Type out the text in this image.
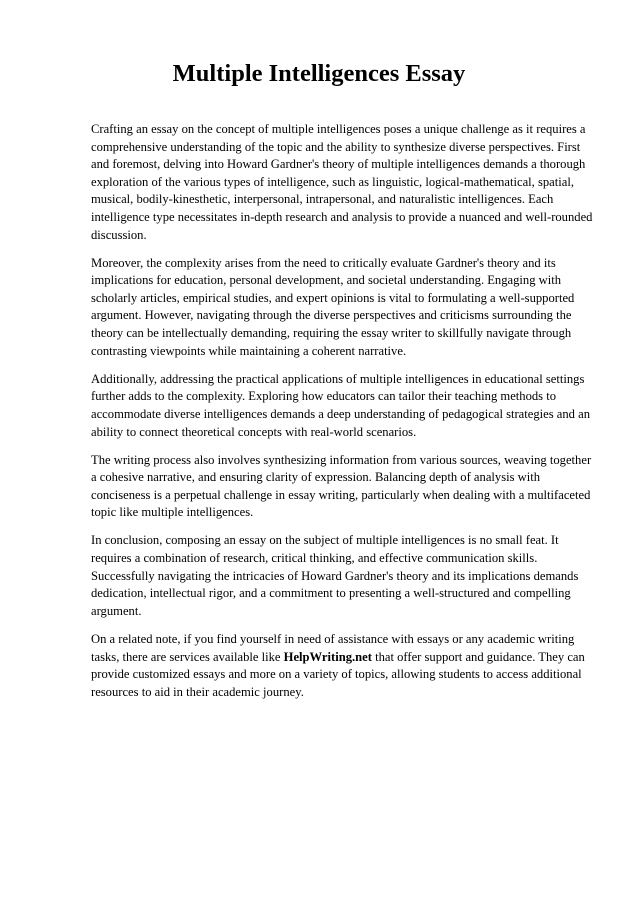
Multiple Intelligences Essay

Crafting an essay on the concept of multiple intelligences poses a unique challenge as it requires a comprehensive understanding of the topic and the ability to synthesize diverse perspectives. First and foremost, delving into Howard Gardner's theory of multiple intelligences demands a thorough exploration of the various types of intelligence, such as linguistic, logical-mathematical, spatial, musical, bodily-kinesthetic, interpersonal, intrapersonal, and naturalistic intelligences. Each intelligence type necessitates in-depth research and analysis to provide a nuanced and well-rounded discussion.

Moreover, the complexity arises from the need to critically evaluate Gardner's theory and its implications for education, personal development, and societal understanding. Engaging with scholarly articles, empirical studies, and expert opinions is vital to formulating a well-supported argument. However, navigating through the diverse perspectives and criticisms surrounding the theory can be intellectually demanding, requiring the essay writer to skillfully navigate through contrasting viewpoints while maintaining a coherent narrative.

Additionally, addressing the practical applications of multiple intelligences in educational settings further adds to the complexity. Exploring how educators can tailor their teaching methods to accommodate diverse intelligences demands a deep understanding of pedagogical strategies and an ability to connect theoretical concepts with real-world scenarios.

The writing process also involves synthesizing information from various sources, weaving together a cohesive narrative, and ensuring clarity of expression. Balancing depth of analysis with conciseness is a perpetual challenge in essay writing, particularly when dealing with a multifaceted topic like multiple intelligences.

In conclusion, composing an essay on the subject of multiple intelligences is no small feat. It requires a combination of research, critical thinking, and effective communication skills. Successfully navigating the intricacies of Howard Gardner's theory and its implications demands dedication, intellectual rigor, and a commitment to presenting a well-structured and compelling argument.

On a related note, if you find yourself in need of assistance with essays or any academic writing tasks, there are services available like HelpWriting.net that offer support and guidance. They can provide customized essays and more on a variety of topics, allowing students to access additional resources to aid in their academic journey.
